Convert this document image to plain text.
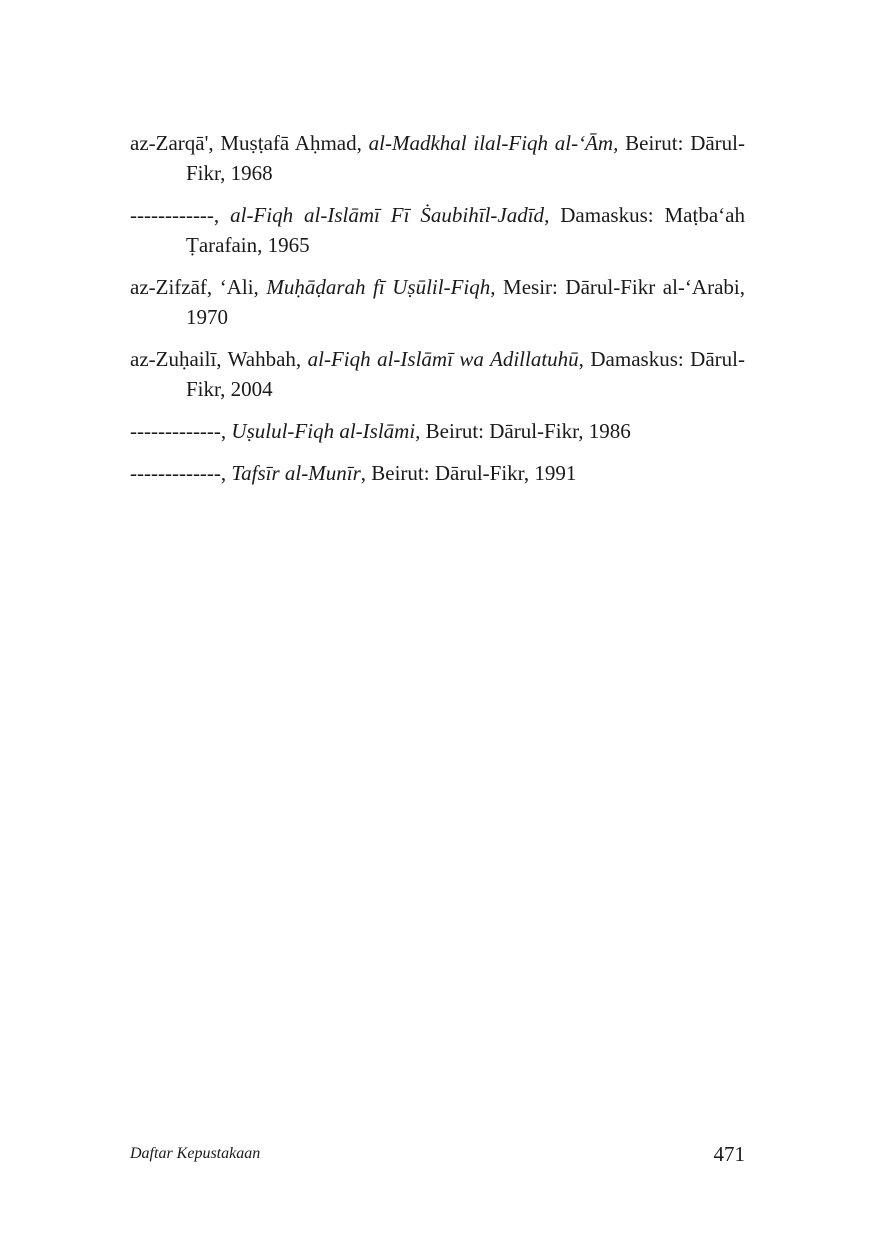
az-Zarqā', Muṣṭafā Aḥmad, al-Madkhal ilal-Fiqh al-‘Ām, Beirut: Dārul-Fikr, 1968

------------, al-Fiqh al-Islāmī Fī Ṡaubihīl-Jadīd, Damaskus: Maṭba‘ah Ṭarafain, 1965

az-Zifzāf, ‘Ali, Muḥāḍarah fī Uṣūlil-Fiqh, Mesir: Dārul-Fikr al-‘Arabi, 1970

az-Zuḥailī, Wahbah, al-Fiqh al-Islāmī wa Adillatuhū, Damaskus: Dārul-Fikr, 2004

-------------, Uṣulul-Fiqh al-Islāmi, Beirut: Dārul-Fikr, 1986

-------------, Tafsīr al-Munīr, Beirut: Dārul-Fikr, 1991

Daftar Kepustakaan	471
